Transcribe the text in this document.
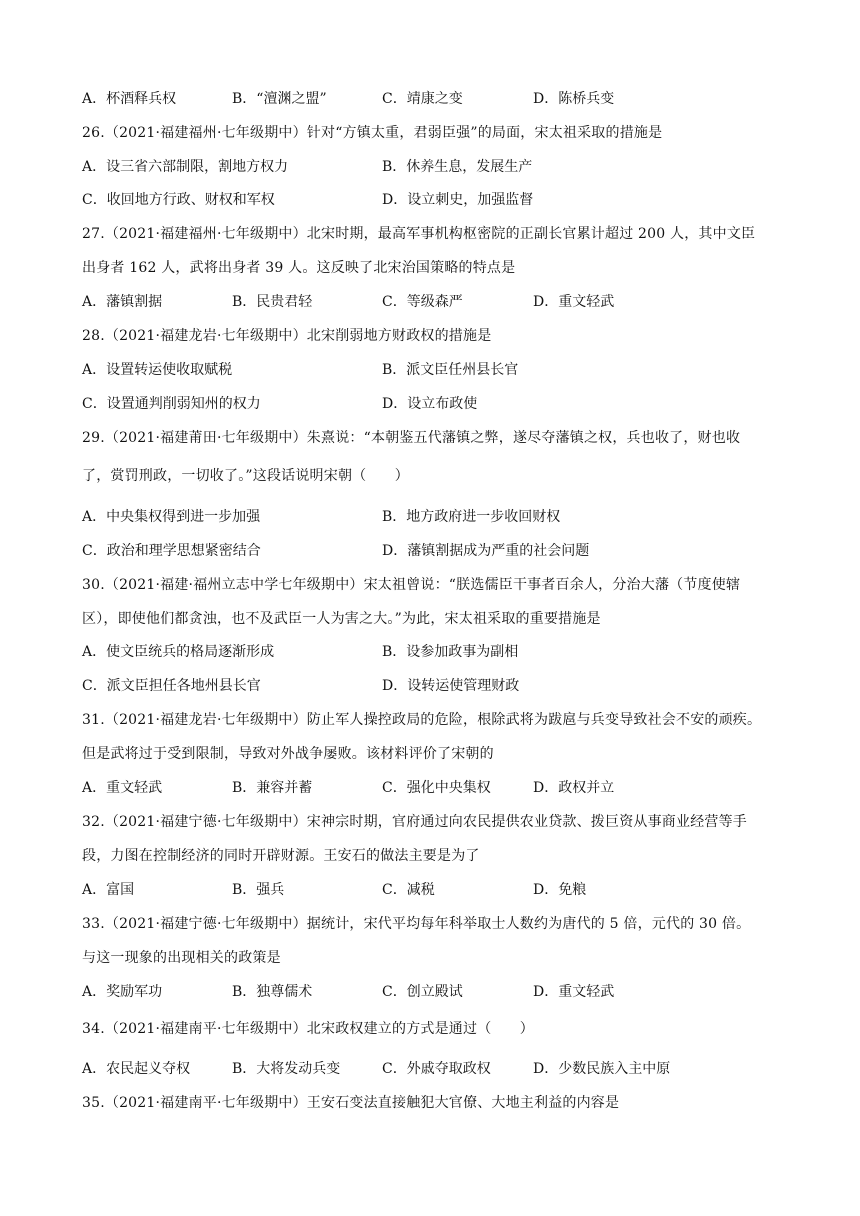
A．杯酒释兵权	B．“澶渊之盟”	C．靖康之变	D．陈桥兵变
26.（2021·福建福州·七年级期中）针对“方镇太重，君弱臣强”的局面，宋太祖采取的措施是
A．设三省六部制限，割地方权力	B．休养生息，发展生产
C．收回地方行政、财权和军权	D．设立刺史，加强监督
27.（2021·福建福州·七年级期中）北宋时期，最高军事机构枢密院的正副长官累计超过 200 人，其中文臣
出身者 162 人，武将出身者 39 人。这反映了北宋治国策略的特点是
A．藩镇割据	B．民贵君轻	C．等级森严	D．重文轻武
28.（2021·福建龙岩·七年级期中）北宋削弱地方财政权的措施是
A．设置转运使收取赋税	B．派文臣任州县长官
C．设置通判削弱知州的权力	D．设立布政使
29.（2021·福建莆田·七年级期中）朱熹说：“本朝鉴五代藩镇之弊，遂尽夺藩镇之权，兵也收了，财也收
了，赏罚刑政，一切收了。”这段话说明宋朝（　　）
A．中央集权得到进一步加强	B．地方政府进一步收回财权
C．政治和理学思想紧密结合	D．藩镇割据成为严重的社会问题
30.（2021·福建·福州立志中学七年级期中）宋太祖曾说：“朕选儒臣干事者百余人，分治大藩（节度使辖
区），即使他们都贪浊，也不及武臣一人为害之大。”为此，宋太祖采取的重要措施是
A．使文臣统兵的格局逐渐形成	B．设参加政事为副相
C．派文臣担任各地州县长官	D．设转运使管理财政
31.（2021·福建龙岩·七年级期中）防止军人操控政局的危险，根除武将为跋扈与兵变导致社会不安的顽疾。
但是武将过于受到限制，导致对外战争屡败。该材料评价了宋朝的
A．重文轻武	B．兼容并蓄	C．强化中央集权	D．政权并立
32.（2021·福建宁德·七年级期中）宋神宗时期，官府通过向农民提供农业贷款、拨巨资从事商业经营等手
段，力图在控制经济的同时开辟财源。王安石的做法主要是为了
A．富国	B．强兵	C．减税	D．免粮
33.（2021·福建宁德·七年级期中）据统计，宋代平均每年科举取士人数约为唐代的 5 倍，元代的 30 倍。
与这一现象的出现相关的政策是
A．奖励军功	B．独尊儒术	C．创立殿试	D．重文轻武
34.（2021·福建南平·七年级期中）北宋政权建立的方式是通过（　　）
A．农民起义夺权	B．大将发动兵变	C．外戚夺取政权	D．少数民族入主中原
35.（2021·福建南平·七年级期中）王安石变法直接触犯大官僚、大地主利益的内容是
